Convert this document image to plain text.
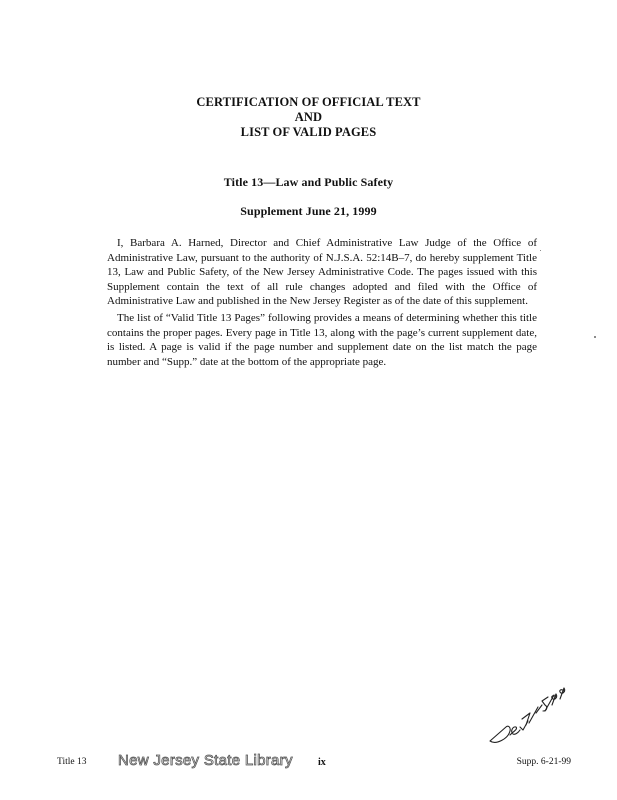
CERTIFICATION OF OFFICIAL TEXT
AND
LIST OF VALID PAGES
Title 13—Law and Public Safety
Supplement June 21, 1999

I, Barbara A. Harned, Director and Chief Administrative Law Judge of the Office of Administrative Law, pursuant to the authority of N.J.S.A. 52:14B–7, do hereby supplement Title 13, Law and Public Safety, of the New Jersey Administrative Code. The pages issued with this Supplement contain the text of all rule changes adopted and filed with the Office of Administrative Law and published in the New Jersey Register as of the date of this supplement.

The list of “Valid Title 13 Pages” following provides a means of determining whether this title contains the proper pages. Every page in Title 13, along with the page’s current supplement date, is listed. A page is valid if the page number and supplement date on the list match the page number and “Supp.” date at the bottom of the appropriate page.

Title 13 New Jersey State Library	ix	Supp. 6-21-99
